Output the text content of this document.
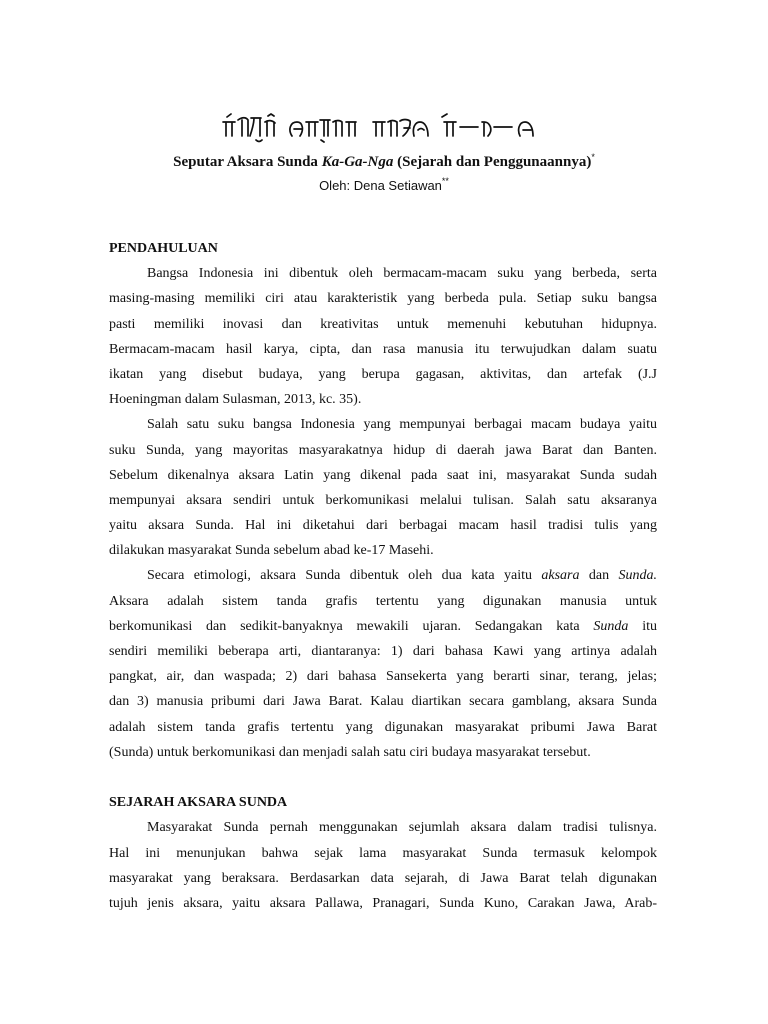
Seputar Aksara Sunda Ka-Ga-Nga (Sejarah dan Penggunaannya)*
Oleh: Dena Setiawan**
PENDAHULUAN
Bangsa Indonesia ini dibentuk oleh bermacam-macam suku yang berbeda, serta
masing-masing memiliki ciri atau karakteristik yang berbeda pula. Setiap suku bangsa
pasti memiliki inovasi dan kreativitas untuk memenuhi kebutuhan hidupnya.
Bermacam-macam hasil karya, cipta, dan rasa manusia itu terwujudkan dalam suatu
ikatan yang disebut budaya, yang berupa gagasan, aktivitas, dan artefak (J.J
Hoeningman dalam Sulasman, 2013, kc. 35).
Salah satu suku bangsa Indonesia yang mempunyai berbagai macam budaya yaitu
suku Sunda, yang mayoritas masyarakatnya hidup di daerah jawa Barat dan Banten.
Sebelum dikenalnya aksara Latin yang dikenal pada saat ini, masyarakat Sunda sudah
mempunyai aksara sendiri untuk berkomunikasi melalui tulisan. Salah satu aksaranya
yaitu aksara Sunda. Hal ini diketahui dari berbagai macam hasil tradisi tulis yang
dilakukan masyarakat Sunda sebelum abad ke-17 Masehi.
Secara etimologi, aksara Sunda dibentuk oleh dua kata yaitu aksara dan Sunda.
Aksara adalah sistem tanda grafis tertentu yang digunakan manusia untuk
berkomunikasi dan sedikit-banyaknya mewakili ujaran. Sedangakan kata Sunda itu
sendiri memiliki beberapa arti, diantaranya: 1) dari bahasa Kawi yang artinya adalah
pangkat, air, dan waspada; 2) dari bahasa Sansekerta yang berarti sinar, terang, jelas;
dan 3) manusia pribumi dari Jawa Barat. Kalau diartikan secara gamblang, aksara Sunda
adalah sistem tanda grafis tertentu yang digunakan masyarakat pribumi Jawa Barat
(Sunda) untuk berkomunikasi dan menjadi salah satu ciri budaya masyarakat tersebut.
SEJARAH AKSARA SUNDA
Masyarakat Sunda pernah menggunakan sejumlah aksara dalam tradisi tulisnya.
Hal ini menunjukan bahwa sejak lama masyarakat Sunda termasuk kelompok
masyarakat yang beraksara. Berdasarkan data sejarah, di Jawa Barat telah digunakan
tujuh jenis aksara, yaitu aksara Pallawa, Pranagari, Sunda Kuno, Carakan Jawa, Arab-
